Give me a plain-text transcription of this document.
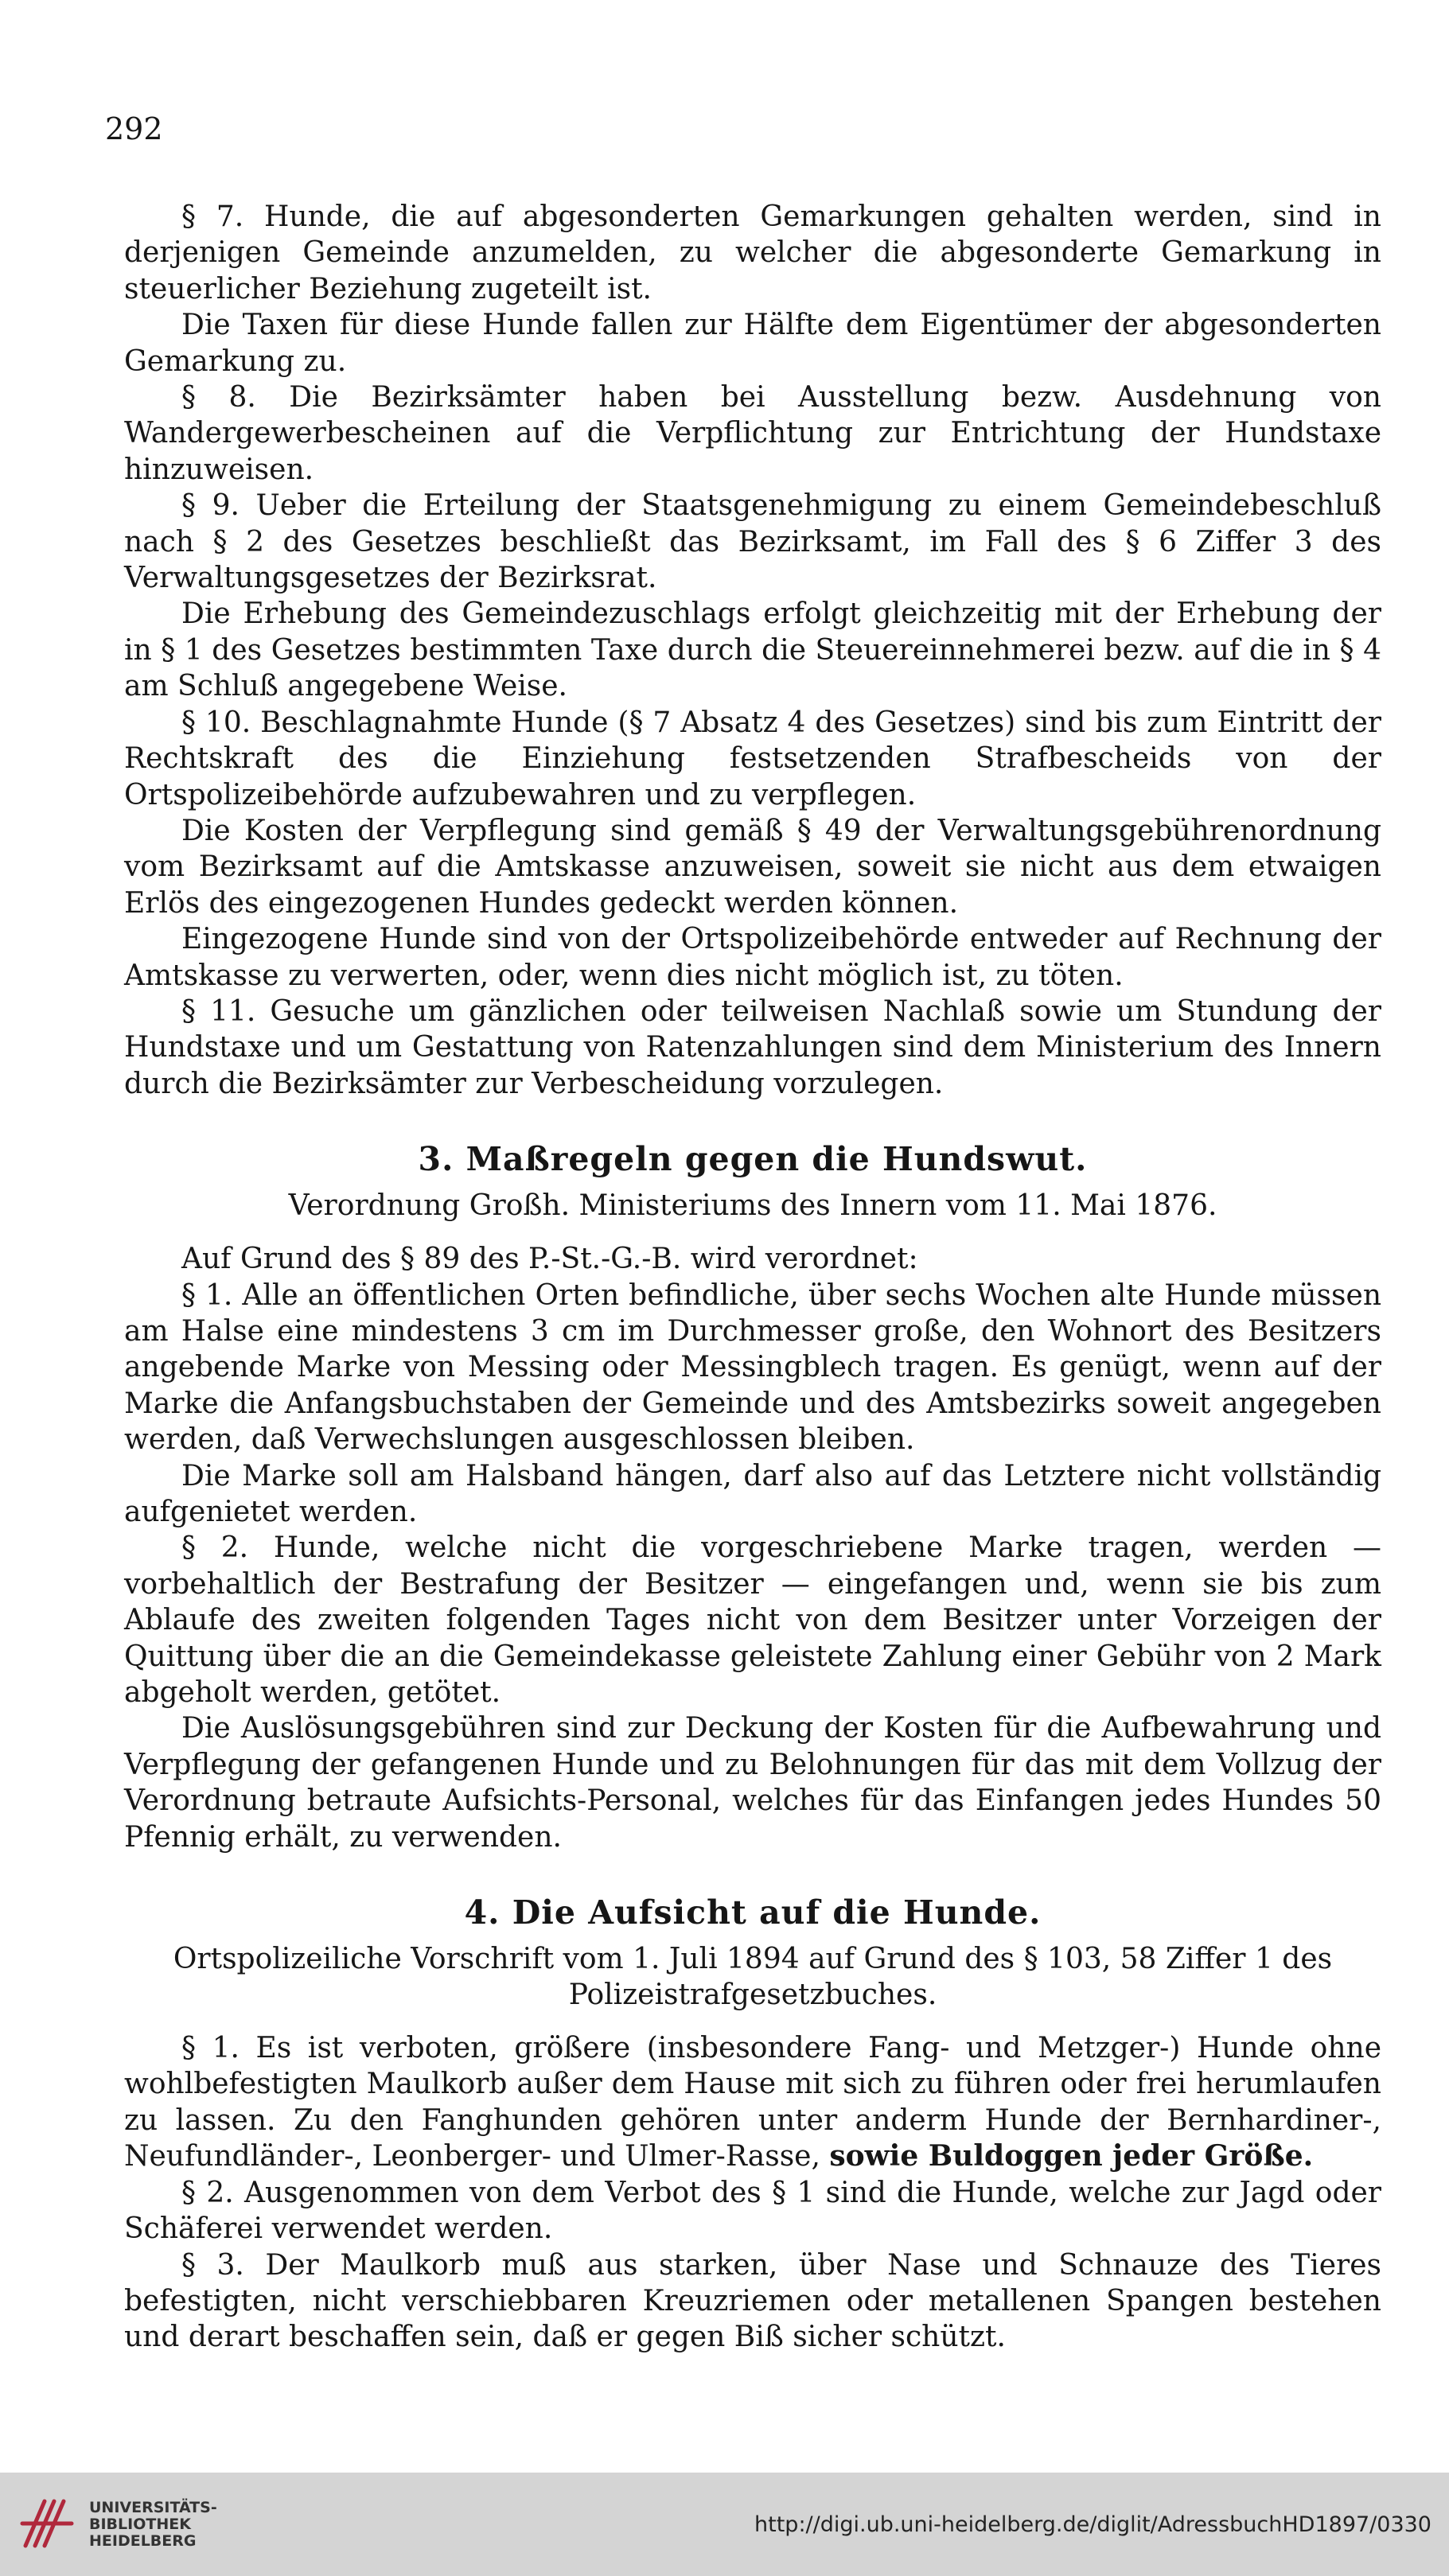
292

§ 7. Hunde, die auf abgesonderten Gemarkungen gehalten werden, sind in derjenigen Gemeinde anzumelden, zu welcher die abgesonderte Gemarkung in steuerlicher Beziehung zugeteilt ist.

Die Taxen für diese Hunde fallen zur Hälfte dem Eigentümer der abgesonderten Gemarkung zu.

§ 8. Die Bezirksämter haben bei Ausstellung bezw. Ausdehnung von Wandergewerbescheinen auf die Verpflichtung zur Entrichtung der Hundstaxe hinzuweisen.

§ 9. Ueber die Erteilung der Staatsgenehmigung zu einem Gemeindebeschluß nach § 2 des Gesetzes beschließt das Bezirksamt, im Fall des § 6 Ziffer 3 des Verwaltungsgesetzes der Bezirksrat.

Die Erhebung des Gemeindezuschlags erfolgt gleichzeitig mit der Erhebung der in § 1 des Gesetzes bestimmten Taxe durch die Steuereinnehmerei bezw. auf die in § 4 am Schluß angegebene Weise.

§ 10. Beschlagnahmte Hunde (§ 7 Absatz 4 des Gesetzes) sind bis zum Eintritt der Rechtskraft des die Einziehung festsetzenden Strafbescheids von der Ortspolizeibehörde aufzubewahren und zu verpflegen.

Die Kosten der Verpflegung sind gemäß § 49 der Verwaltungsgebührenordnung vom Bezirksamt auf die Amtskasse anzuweisen, soweit sie nicht aus dem etwaigen Erlös des eingezogenen Hundes gedeckt werden können.

Eingezogene Hunde sind von der Ortspolizeibehörde entweder auf Rechnung der Amtskasse zu verwerten, oder, wenn dies nicht möglich ist, zu töten.

§ 11. Gesuche um gänzlichen oder teilweisen Nachlaß sowie um Stundung der Hundstaxe und um Gestattung von Ratenzahlungen sind dem Ministerium des Innern durch die Bezirksämter zur Verbescheidung vorzulegen.

3. Maßregeln gegen die Hundswut.
Verordnung Großh. Ministeriums des Innern vom 11. Mai 1876.

Auf Grund des § 89 des P.-St.-G.-B. wird verordnet:

§ 1. Alle an öffentlichen Orten befindliche, über sechs Wochen alte Hunde müssen am Halse eine mindestens 3 cm im Durchmesser große, den Wohnort des Besitzers angebende Marke von Messing oder Messingblech tragen. Es genügt, wenn auf der Marke die Anfangsbuchstaben der Gemeinde und des Amtsbezirks soweit angegeben werden, daß Verwechslungen ausgeschlossen bleiben.

Die Marke soll am Halsband hängen, darf also auf das Letztere nicht vollständig aufgenietet werden.

§ 2. Hunde, welche nicht die vorgeschriebene Marke tragen, werden — vorbehaltlich der Bestrafung der Besitzer — eingefangen und, wenn sie bis zum Ablaufe des zweiten folgenden Tages nicht von dem Besitzer unter Vorzeigen der Quittung über die an die Gemeindekasse geleistete Zahlung einer Gebühr von 2 Mark abgeholt werden, getötet.

Die Auslösungsgebühren sind zur Deckung der Kosten für die Aufbewahrung und Verpflegung der gefangenen Hunde und zu Belohnungen für das mit dem Vollzug der Verordnung betraute Aufsichts-Personal, welches für das Einfangen jedes Hundes 50 Pfennig erhält, zu verwenden.

4. Die Aufsicht auf die Hunde.
Ortspolizeiliche Vorschrift vom 1. Juli 1894 auf Grund des § 103, 58 Ziffer 1 des Polizeistrafgesetzbuches.

§ 1. Es ist verboten, größere (insbesondere Fang- und Metzger-) Hunde ohne wohlbefestigten Maulkorb außer dem Hause mit sich zu führen oder frei herumlaufen zu lassen. Zu den Fanghunden gehören unter anderm Hunde der Bernhardiner-, Neufundländer-, Leonberger- und Ulmer-Rasse, sowie Buldoggen jeder Größe.

§ 2. Ausgenommen von dem Verbot des § 1 sind die Hunde, welche zur Jagd oder Schäferei verwendet werden.

§ 3. Der Maulkorb muß aus starken, über Nase und Schnauze des Tieres befestigten, nicht verschiebbaren Kreuzriemen oder metallenen Spangen bestehen und derart beschaffen sein, daß er gegen Biß sicher schützt.

UNIVERSITÄTS-
BIBLIOTHEK
HEIDELBERG
http://digi.ub.uni-heidelberg.de/diglit/AdressbuchHD1897/0330
